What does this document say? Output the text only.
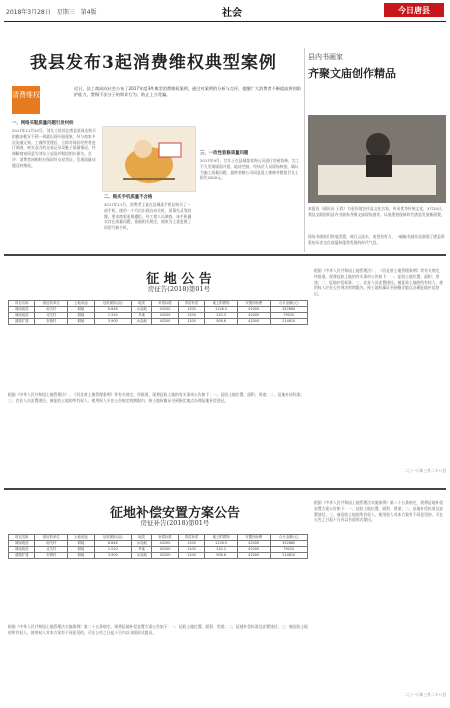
2018年3月28日　星期三　第4版	社会	今日唐县
我县发布3起消费维权典型案例
清费维权
近日，县工商局向社会公布了2017年度3件典型消费维权案例，通过对案例的分析与点评，提醒广大消费者不断提高辨别防护能力，警惕不法分子的欺诈行为，防止上当受骗。
一、网络买鞋质量问题引发纠纷
2017年11月20号，刘女士投诉在唐县某网店购买的跑步鞋穿不到一周就出现开胶现象，经与商家多次沟通无果。工商所受理后，立即对网店经营者进行调查，核实双方的交易记录及鞋子质量情况，经调解商家同意为刘女士退货并赔偿相应损失。点评：消费者网购时应保留好交易凭证，发现质量问题及时维权。
二、购买手机质量不合格
2017年11月，消费者王某在县城某手机店购买了一部手机，使用一个月后出现自动关机、屏幕失灵等问题，要求商家更换遭拒。经工商人员调查，该手机确实存在质量问题，依据相关规定，商家为王某更换了同型号新手机。
三、一改性装修质量问题
2017年9月，甘女士在县城某装饰公司进行房屋装修，完工不久发现墙面开裂、地砖空鼓。经执法人员现场核查，确认为施工质量问题，最终装修公司同意返工维修并赔偿甘女士损失2000元。
县内书画家
齐聚文庙创作精品
本报讯（通讯员 王欣）为更好地宣传县文化名家，传承优秀传统文化，3月20日，我县文联组织县内书画家齐聚文庙现场创作，以笔墨展现新时代唐县发展新面貌。
现场书画家们挥毫泼墨，或行云流水，或苍劲有力，一幅幅书画作品展现了唐县厚重的历史文化底蕴和蓬勃发展的时代气息。
征 地 公 告
房征告(2018)第01号
项目名称	被征收单位	土地用途	征收面积(亩)	地类	补偿标准	青苗补偿	地上附着物	安置补助费	合计金额(元)
城南改造	南关村	耕地	6.846	水浇地	43200	1200	1126.5	42000	352880
城南改造	北关村	耕地	1.520	旱地	43200	1200	220.3	42000	79020
道路扩建	东街村	耕地	3.900	水浇地	43200	1200	508.6	42000	214610
根据《中华人民共和国土地管理法》、《河北省土地管理条例》等有关规定，经批准，现将征收土地的有关事项公告如下：一、征收土地位置、面积、用途；二、征地补偿标准；三、农业人员安置途径。被征收土地的所有权人、使用权人应在公告规定的期限内，持土地权属证书到指定地点办理征地补偿登记。
根据《中华人民共和国土地管理法》、《河北省土地管理条例》等有关规定，经批准，现将征收土地的有关事项公告如下：一、征收土地位置、面积、用途；二、征地补偿标准；三、农业人员安置途径。被征收土地的所有权人、使用权人应在公告规定的期限内，持土地权属证书到指定地点办理征地补偿登记。
二〇一八年三月二十八日
征地补偿安置方案公告
房征补告(2018)第01号
项目名称	被征收单位	土地用途	征收面积(亩)	地类	补偿标准	青苗补偿	地上附着物	安置补助费	合计金额(元)
城南改造	南关村	耕地	6.846	水浇地	43200	1200	1126.5	42000	352880
城南改造	北关村	耕地	1.520	旱地	43200	1200	220.3	42000	79020
道路扩建	东街村	耕地	3.900	水浇地	43200	1200	508.6	42000	214610
根据《中华人民共和国土地管理法实施条例》第二十五条规定，现将征地补偿安置方案公告如下：一、征收土地位置、面积、用途；二、征地补偿标准及安置途径；三、被征收土地的所有权人、使用权人对本方案有不同意见的，可在公告之日起十日内以书面形式提出。
根据《中华人民共和国土地管理法实施条例》第二十五条规定，现将征地补偿安置方案公告如下：一、征收土地位置、面积、用途；二、征地补偿标准及安置途径；三、被征收土地的所有权人、使用权人对本方案有不同意见的，可在公告之日起十日内以书面形式提出。
二〇一八年三月二十八日
